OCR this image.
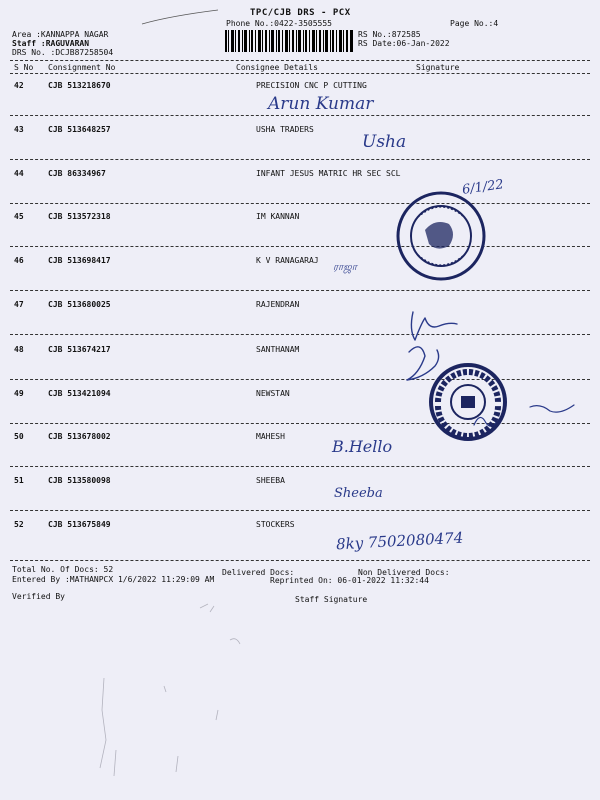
TPC/CJB DRS - PCX
Phone No.:0422-3505555	Page No.:4
Area :KANNAPPA NAGAR
Staff :RAGUVARAN
DRS No. :DCJB87258504
RS No.:872585
RS Date:06-Jan-2022
S No Consignment No	Consignee Details	Signature
42	CJB 513218670	PRECISION CNC P CUTTING
43	CJB 513648257	USHA TRADERS
44	CJB 86334967	INFANT JESUS MATRIC HR SEC SCL
45	CJB 513572318	IM KANNAN
46	CJB 513698417	K V RANAGARAJ
47	CJB 513680025	RAJENDRAN
48	CJB 513674217	SANTHANAM
49	CJB 513421094	NEWSTAN
50	CJB 513678002	MAHESH
51	CJB 513580098	SHEEBA
52	CJB 513675849	STOCKERS
Arun Kumar
Usha
6/1/22
ராஜா
B.Hello
Sheeba
8ky 7502080474
Total No. Of Docs: 52	Delivered Docs:	Non Delivered Docs:
Entered By :MATHANPCX 1/6/2022 11:29:09 AM	Reprinted On: 06-01-2022 11:32:44
Verified By	Staff Signature
